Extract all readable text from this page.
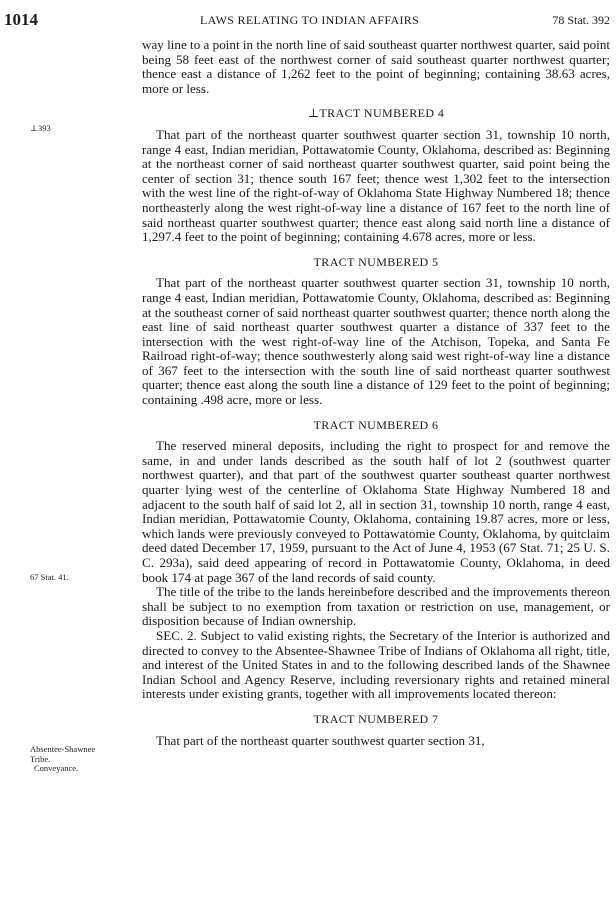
1014	LAWS RELATING TO INDIAN AFFAIRS	78 Stat. 392
⊥393
67 Stat. 41.
Absentee-Shawnee
Tribe.

Conveyance.

way line to a point in the north line of said southeast quarter northwest quarter, said point being 58 feet east of the northwest corner of said southeast quarter northwest quarter; thence east a distance of 1,262 feet to the point of beginning; containing 38.63 acres, more or less.

⊥TRACT NUMBERED 4

That part of the northeast quarter southwest quarter section 31, township 10 north, range 4 east, Indian meridian, Pottawatomie County, Oklahoma, described as: Beginning at the northeast corner of said northeast quarter southwest quarter, said point being the center of section 31; thence south 167 feet; thence west 1,302 feet to the intersection with the west line of the right-of-way of Oklahoma State Highway Numbered 18; thence northeasterly along the west right-of-way line a distance of 167 feet to the north line of said northeast quarter southwest quarter; thence east along said north line a distance of 1,297.4 feet to the point of beginning; containing 4.678 acres, more or less.

TRACT NUMBERED 5

That part of the northeast quarter southwest quarter section 31, township 10 north, range 4 east, Indian meridian, Pottawatomie County, Oklahoma, described as: Beginning at the southeast corner of said northeast quarter southwest quarter; thence north along the east line of said northeast quarter southwest quarter a distance of 337 feet to the intersection with the west right-of-way line of the Atchison, Topeka, and Santa Fe Railroad right-of-way; thence southwesterly along said west right-of-way line a distance of 367 feet to the intersection with the south line of said northeast quarter southwest quarter; thence east along the south line a distance of 129 feet to the point of beginning; containing .498 acre, more or less.

TRACT NUMBERED 6

The reserved mineral deposits, including the right to prospect for and remove the same, in and under lands described as the south half of lot 2 (southwest quarter northwest quarter), and that part of the southwest quarter southeast quarter northwest quarter lying west of the centerline of Oklahoma State Highway Numbered 18 and adjacent to the south half of said lot 2, all in section 31, township 10 north, range 4 east, Indian meridian, Pottawatomie County, Oklahoma, containing 19.87 acres, more or less, which lands were previously conveyed to Pottawatomie County, Oklahoma, by quitclaim deed dated December 17, 1959, pursuant to the Act of June 4, 1953 (67 Stat. 71; 25 U. S. C. 293a), said deed appearing of record in Pottawatomie County, Oklahoma, in deed book 174 at page 367 of the land records of said county.

The title of the tribe to the lands hereinbefore described and the improvements thereon shall be subject to no exemption from taxation or restriction on use, management, or disposition because of Indian ownership.

SEC. 2. Subject to valid existing rights, the Secretary of the Interior is authorized and directed to convey to the Absentee-Shawnee Tribe of Indians of Oklahoma all right, title, and interest of the United States in and to the following described lands of the Shawnee Indian School and Agency Reserve, including reversionary rights and retained mineral interests under existing grants, together with all improvements located thereon:

TRACT NUMBERED 7

That part of the northeast quarter southwest quarter section 31,
